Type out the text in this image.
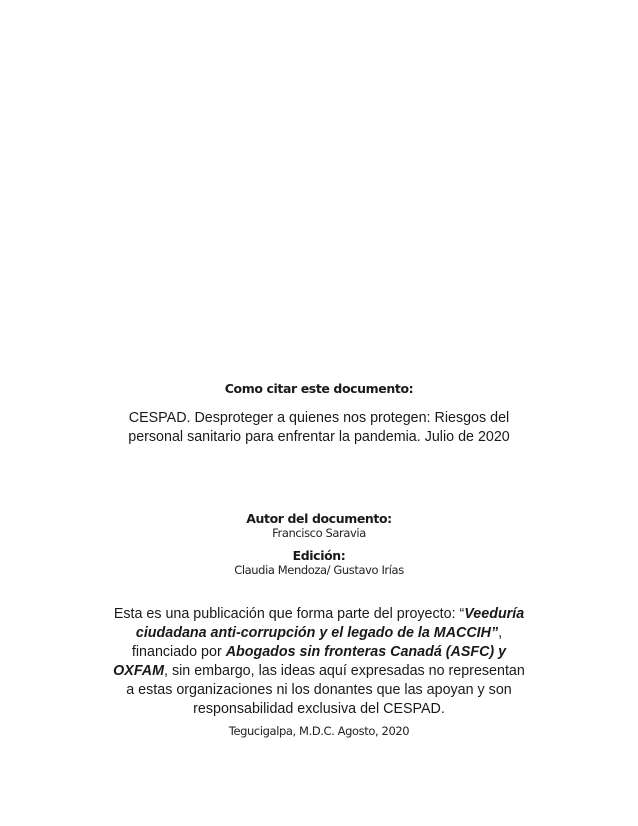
Como citar este documento:
CESPAD. Desproteger a quienes nos protegen: Riesgos del personal sanitario para enfrentar la pandemia. Julio de 2020
Autor del documento:
Francisco Saravia
Edición:
Claudia Mendoza/ Gustavo Irías
Esta es una publicación que forma parte del proyecto: “Veeduría ciudadana anti-corrupción y el legado de la MACCIH”, financiado por Abogados sin fronteras Canadá (ASFC) y OXFAM, sin embargo, las ideas aquí expresadas no representan a estas organizaciones ni los donantes que las apoyan y son responsabilidad exclusiva del CESPAD.
Tegucigalpa, M.D.C. Agosto, 2020
